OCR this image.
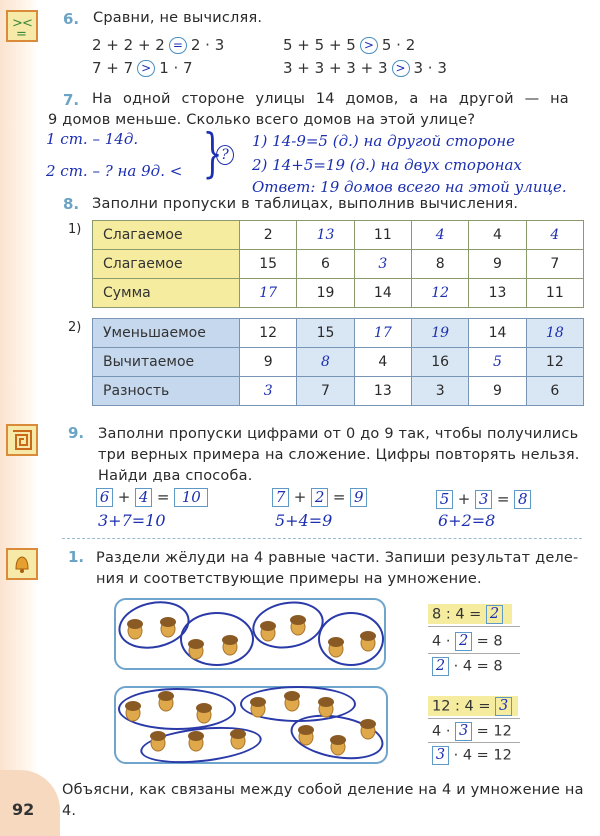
> <
=
92
6. Сравни, не вычисляя.
2 + 2 + 2 = 2 · 3
7 + 7 > 1 · 7
5 + 5 + 5 > 5 · 2
3 + 3 + 3 + 3 > 3 · 3
7. На одной стороне улицы 14 домов, а на другой — на
9 домов меньше. Сколько всего домов на этой улице?
1 ст. – 14д.
2 ст. – ? на 9д. < }
?
1) 14-9=5 (д.) на другой стороне
2) 14+5=19 (д.) на двух сторонах
Ответ: 19 домов всего на этой улице.
8. Заполни пропуски в таблицах, выполнив вычисления.
1) Слагаемое	2	13	11	4	4	4
Слагаемое	15	6	3	8	9	7
Сумма	17	19	14	12	13	11
2) Уменьшаемое	12	15	17	19	14	18
Вычитаемое	9	8	4	16	5	12
Разность	3	7	13	3	9	6
9. Заполни пропуски цифрами от 0 до 9 так, чтобы получились
три верных примера на сложение. Цифры повторять нельзя.
Найди два способа.
6 + 4 = 10
3+7=10
7 + 2 = 9
5+4=9
5 + 3 = 8
6+2=8
1. Раздели жёлуди на 4 равные части. Запиши результат деле-
ния и соответствующие примеры на умножение.
8 : 4 = 2
4 · 2 = 8
2 · 4 = 8
12 : 4 = 3
4 · 3 = 12
3 · 4 = 12
Объясни, как связаны между собой деление на 4 и умножение на 4.
